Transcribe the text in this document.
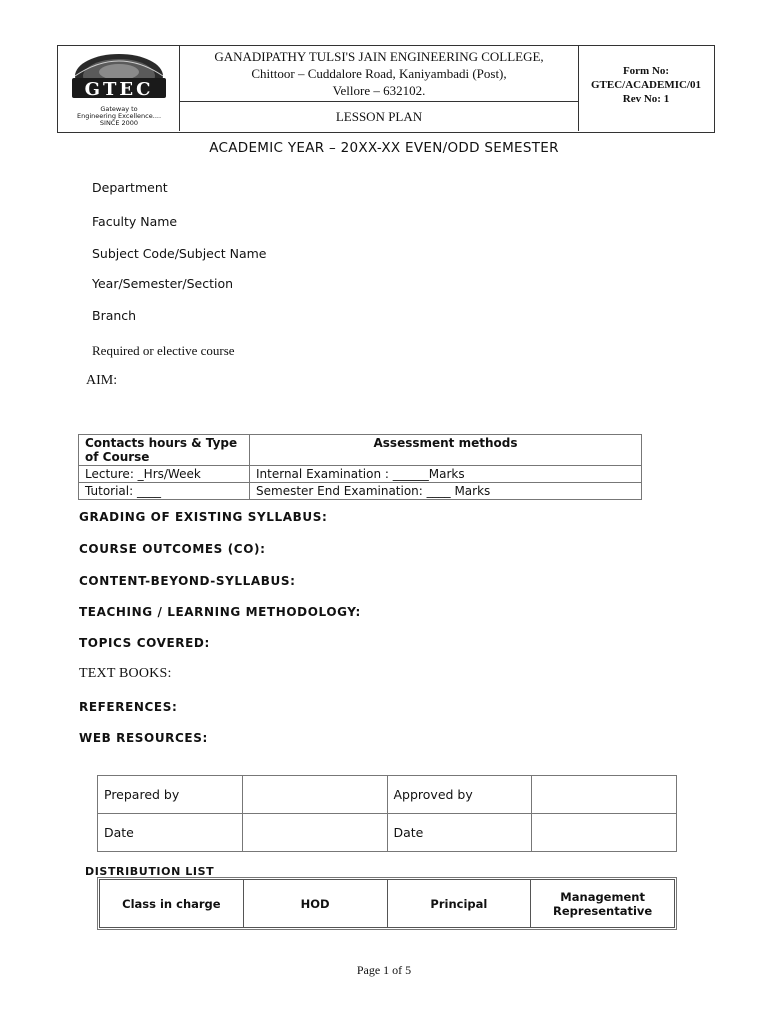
GTEC
Gateway to
Engineering Excellence....
SINCE 2000
GANADIPATHY TULSI'S JAIN ENGINEERING COLLEGE,
Chittoor – Cuddalore Road, Kaniyambadi (Post),
Vellore – 632102.
LESSON PLAN
Form No:
GTEC/ACADEMIC/01
Rev No: 1
ACADEMIC YEAR – 20XX-XX EVEN/ODD SEMESTER
Department
Faculty Name
Subject Code/Subject Name
Year/Semester/Section
Branch
Required or elective course
AIM:
Contacts hours & Type of Course	Assessment methods
Lecture: _Hrs/Week	Internal Examination : ______Marks
Tutorial: ____	Semester End Examination: ____ Marks
GRADING OF EXISTING SYLLABUS:
COURSE OUTCOMES (CO):
CONTENT-BEYOND-SYLLABUS:
TEACHING / LEARNING METHODOLOGY:
TOPICS COVERED:
TEXT BOOKS:
REFERENCES:
WEB RESOURCES:
Prepared by		Approved by	
Date		Date	
DISTRIBUTION LIST
Class in charge	HOD	Principal	Management Representative
Page 1 of 5
